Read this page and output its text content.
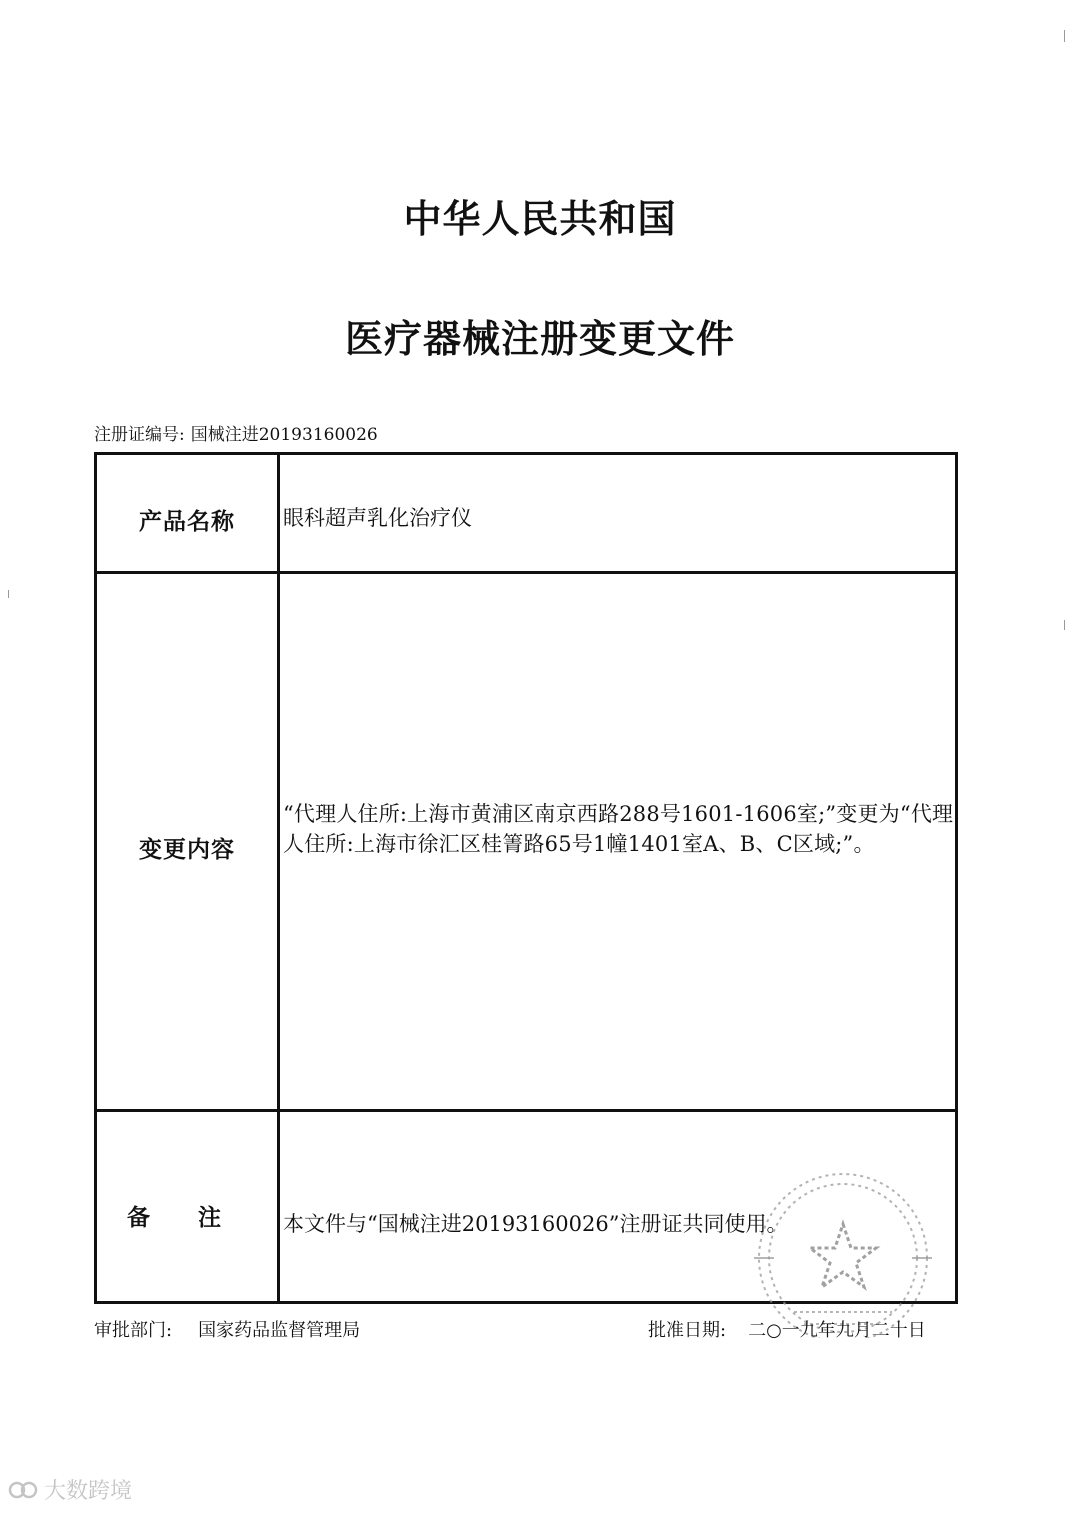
中华人民共和国
医疗器械注册变更文件
注册证编号: 国械注进20193160026
产品名称	眼科超声乳化治疗仪
变更内容
“代理人住所:上海市黄浦区南京西路288号1601-1606室;”变更为“代理人住所:上海市徐汇区桂箐路65号1幢1401室A、B、C区域;”。
备注 本文件与“国械注进20193160026”注册证共同使用。
审批部门: 国家药品监督管理局	批准日期: 二○一九年九月二十日
大数跨境
